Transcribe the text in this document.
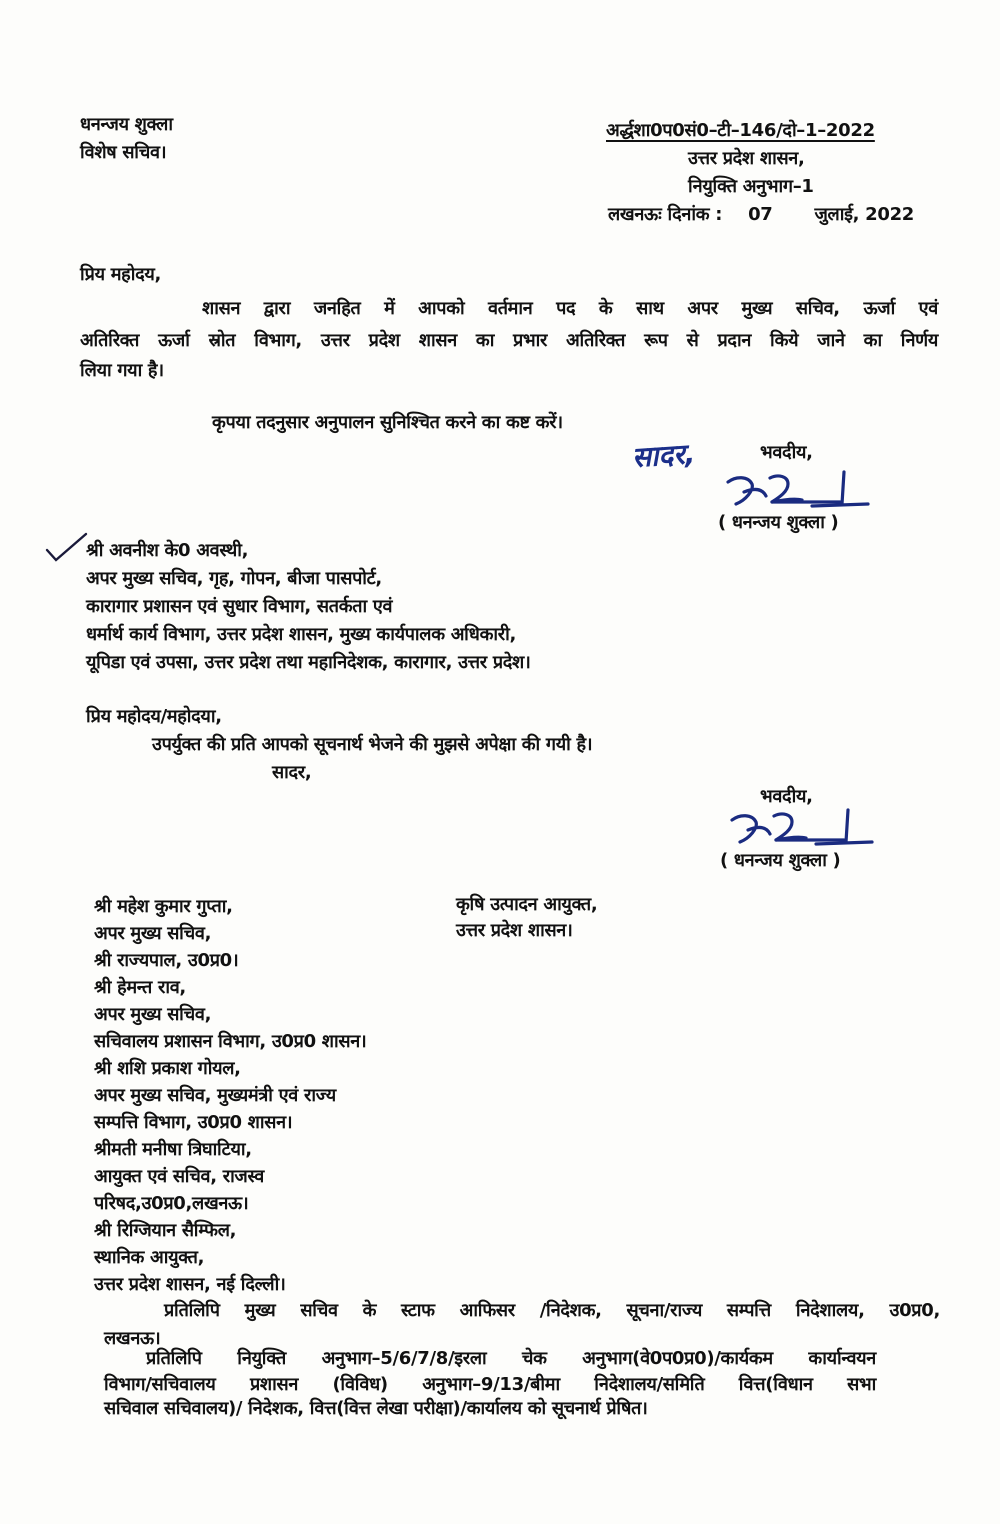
धनन्जय शुक्ला
विशेष सचिव।
अर्द्धशा0प0सं0–टी–146/दो–1–2022
उत्तर प्रदेश शासन,
नियुक्ति अनुभाग–1
लखनऊः दिनांक : 07 जुलाई, 2022
प्रिय महोदय,
शासन द्वारा जनहित में आपको वर्तमान पद के साथ अपर मुख्य सचिव, ऊर्जा एवं
अतिरिक्त ऊर्जा स्रोत विभाग, उत्तर प्रदेश शासन का प्रभार अतिरिक्त रूप से प्रदान किये जाने का निर्णय
लिया गया है।
कृपया तदनुसार अनुपालन सुनिश्चित करने का कष्ट करें।
सादर,	भवदीय,
( धनन्जय शुक्ला )
श्री अवनीश के0 अवस्थी,
अपर मुख्य सचिव, गृह, गोपन, बीजा पासपोर्ट,
कारागार प्रशासन एवं सुधार विभाग, सतर्कता एवं
धर्मार्थ कार्य विभाग, उत्तर प्रदेश शासन, मुख्य कार्यपालक अधिकारी,
यूपिडा एवं उपसा, उत्तर प्रदेश तथा महानिदेशक, कारागार, उत्तर प्रदेश।
प्रिय महोदय/महोदया,
उपर्युक्त की प्रति आपको सूचनार्थ भेजने की मुझसे अपेक्षा की गयी है।
सादर,
भवदीय,
( धनन्जय शुक्ला )
श्री महेश कुमार गुप्ता,
अपर मुख्य सचिव,
श्री राज्यपाल, उ0प्र0।
श्री हेमन्त राव,
अपर मुख्य सचिव,
सचिवालय प्रशासन विभाग, उ0प्र0 शासन।
श्री शशि प्रकाश गोयल,
अपर मुख्य सचिव, मुख्यमंत्री एवं राज्य
सम्पत्ति विभाग, उ0प्र0 शासन।
श्रीमती मनीषा त्रिघाटिया,
आयुक्त एवं सचिव, राजस्व
परिषद,उ0प्र0,लखनऊ।
श्री रिग्जियान सैम्फिल,
स्थानिक आयुक्त,
उत्तर प्रदेश शासन, नई दिल्ली।
कृषि उत्पादन आयुक्त,
उत्तर प्रदेश शासन।
प्रतिलिपि मुख्य सचिव के स्टाफ आफिसर /निदेशक, सूचना/राज्य सम्पत्ति निदेशालय, उ0प्र0,
लखनऊ।
प्रतिलिपि नियुक्ति अनुभाग–5/6/7/8/इरला चेक अनुभाग(वे0प0प्र0)/कार्यकम कार्यान्वयन
विभाग/सचिवालय प्रशासन (विविध) अनुभाग–9/13/बीमा निदेशालय/समिति वित्त(विधान सभा
सचिवाल सचिवालय)/ निदेशक, वित्त(वित्त लेखा परीक्षा)/कार्यालय को सूचनार्थ प्रेषित।
